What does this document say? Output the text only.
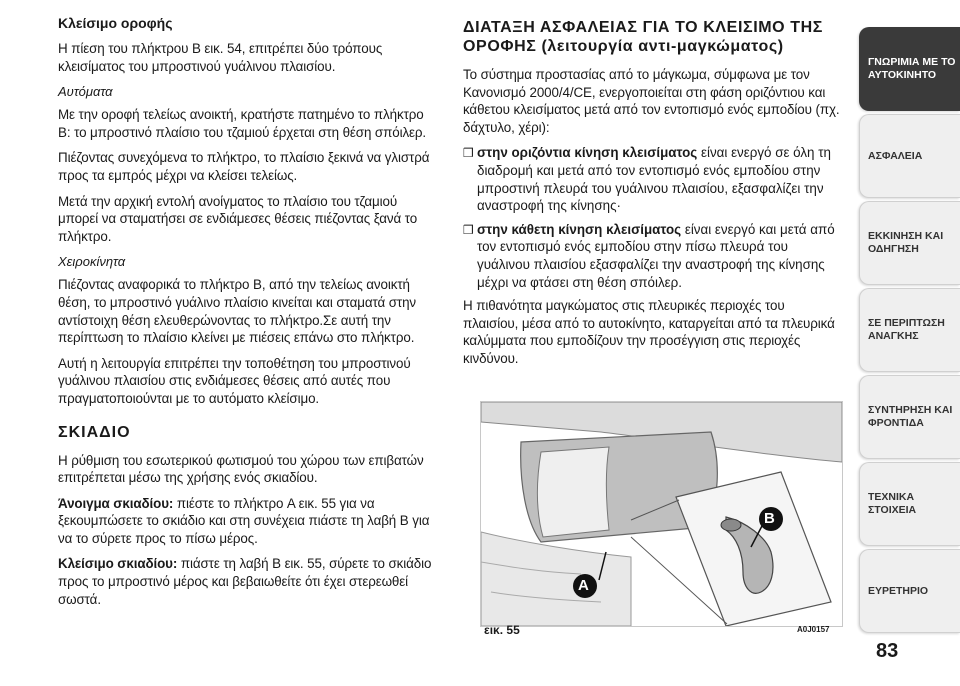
Κλείσιμο οροφής

Η πίεση του πλήκτρου B εικ. 54, επιτρέπει δύο τρόπους κλεισίματος του μπροστινού γυάλινου πλαισίου.

Αυτόματα

Με την οροφή τελείως ανοικτή, κρατήστε πατημένο το πλήκτρο B: το μπροστινό πλαίσιο του τζαμιού έρχεται στη θέση σπόιλερ.

Πιέζοντας συνεχόμενα το πλήκτρο, το πλαίσιο ξεκινά να γλιστρά προς τα εμπρός μέχρι να κλείσει τελείως.

Μετά την αρχική εντολή ανοίγματος το πλαίσιο του τζαμιού μπορεί να σταματήσει σε ενδιάμεσες θέσεις πιέζοντας ξανά το πλήκτρο.

Χειροκίνητα

Πιέζοντας αναφορικά το πλήκτρο B, από την τελείως ανοικτή θέση, το μπροστινό γυάλινο πλαίσιο κινείται και σταματά στην αντίστοιχη θέση ελευθερώνοντας το πλήκτρο.Σε αυτή την περίπτωση το πλαίσιο κλείνει με πιέσεις επάνω στο πλήκτρο.

Αυτή η λειτουργία επιτρέπει την τοποθέτηση του μπροστινού γυάλινου πλαισίου στις ενδιάμεσες θέσεις από αυτές που πραγματοποιούνται με το αυτόματο κλείσιμο.

ΣΚΙΑΔΙΟ

Η ρύθμιση του εσωτερικού φωτισμού του χώρου των επιβατών επιτρέπεται μέσω της χρήσης ενός σκιαδίου.

Άνοιγμα σκιαδίου: πιέστε το πλήκτρο A εικ. 55 για να ξεκουμπώσετε το σκιάδιο και στη συνέχεια πιάστε τη λαβή B για να το σύρετε προς το πίσω μέρος.

Κλείσιμο σκιαδίου: πιάστε τη λαβή B εικ. 55, σύρετε το σκιάδιο προς το μπροστινό μέρος και βεβαιωθείτε ότι έχει στερεωθεί σωστά.

ΔΙΑΤΑΞΗ ΑΣΦΑΛΕΙΑΣ ΓΙΑ ΤΟ ΚΛΕΙΣΙΜΟ ΤΗΣ ΟΡΟΦΗΣ (λειτουργία αντι-μαγκώματος)

Το σύστημα προστασίας από το μάγκωμα, σύμφωνα με τον Κανονισμό 2000/4/CE, ενεργοποιείται στη φάση οριζόντιου και κάθετου κλεισίματος μετά από τον εντοπισμό ενός εμποδίου (πχ. δάχτυλο, χέρι):

❒ στην οριζόντια κίνηση κλεισίματος είναι ενεργό σε όλη τη διαδρομή και μετά από τον εντοπισμό ενός εμποδίου στην μπροστινή πλευρά του γυάλινου πλαισίου, εξασφαλίζει την αναστροφή της κίνησης·
❒ στην κάθετη κίνηση κλεισίματος είναι ενεργό και μετά από τον εντοπισμό ενός εμποδίου στην πίσω πλευρά του γυάλινου πλαισίου εξασφαλίζει την αναστροφή της κίνησης μέχρι να φτάσει στη θέση σπόιλερ.

Η πιθανότητα μαγκώματος στις πλευρικές περιοχές του πλαισίου, μέσα από το αυτοκίνητο, καταργείται από τα πλευρικά καλύμματα που εμποδίζουν την προσέγγιση στις περιοχές κινδύνου.

B
A
εικ. 55	A0J0157
ΓΝΩΡΙΜΙΑ ΜΕ ΤΟ ΑΥΤΟΚΙΝΗΤΟ
ΑΣΦΑΛΕΙΑ
ΕΚΚΙΝΗΣΗ ΚΑΙ ΟΔΗΓΗΣΗ
ΣΕ ΠΕΡΙΠΤΩΣΗ ΑΝΑΓΚΗΣ
ΣΥΝΤΗΡΗΣΗ ΚΑΙ ΦΡΟΝΤΙΔΑ
ΤΕΧΝΙΚΑ ΣΤΟΙΧΕΙΑ
ΕΥΡΕΤΗΡΙΟ
83
